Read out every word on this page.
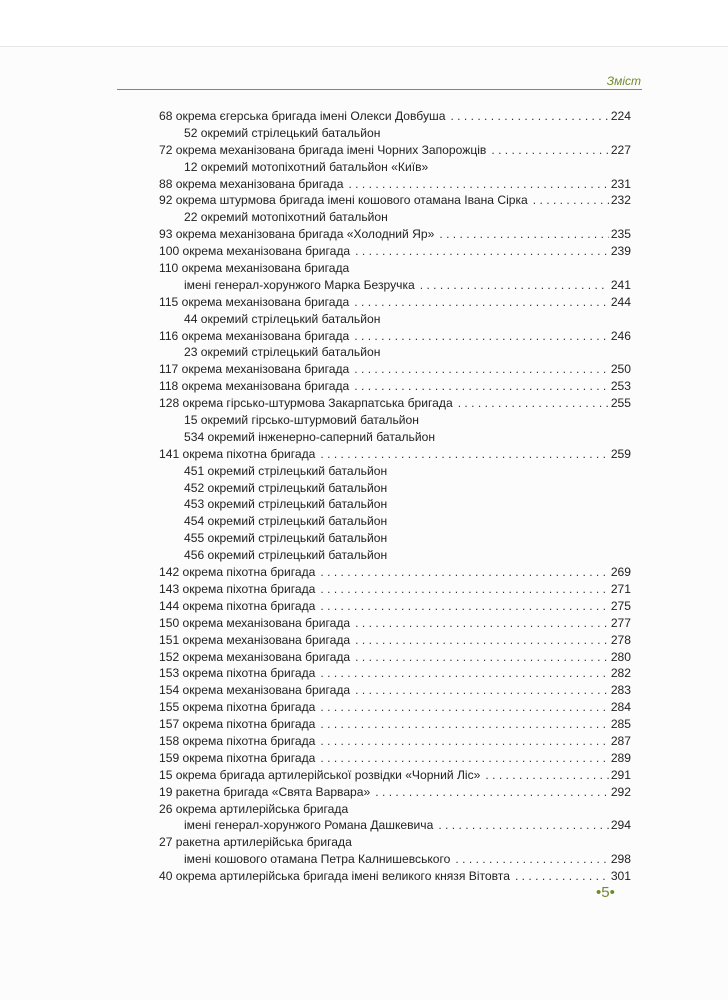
Зміст
68 окрема єгерська бригада імені Олекси Довбуша . . .	224
52 окремий стрілецький батальйон
72 окрема механізована бригада імені Чорних Запорожців . . .	227
12 окремий мотопіхотний батальйон «Київ»
88 окрема механізована бригада . . .	231
92 окрема штурмова бригада імені кошового отамана Івана Сірка . . .	232
22 окремий мотопіхотний батальйон
93 окрема механізована бригада «Холодний Яр» . . .	235
100 окрема механізована бригада . . .	239
110 окрема механізована бригада
імені генерал-хорунжого Марка Безручка . . .	241
115 окрема механізована бригада . . .	244
44 окремий стрілецький батальйон
116 окрема механізована бригада . . .	246
23 окремий стрілецький батальйон
117 окрема механізована бригада . . .	250
118 окрема механізована бригада . . .	253
128 окрема гірсько-штурмова Закарпатська бригада . . .	255
15 окремий гірсько-штурмовий батальйон
534 окремий інженерно-саперний батальйон
141 окрема піхотна бригада . . .	259
451 окремий стрілецький батальйон
452 окремий стрілецький батальйон
453 окремий стрілецький батальйон
454 окремий стрілецький батальйон
455 окремий стрілецький батальйон
456 окремий стрілецький батальйон
142 окрема піхотна бригада . . .	269
143 окрема піхотна бригада . . .	271
144 окрема піхотна бригада . . .	275
150 окрема механізована бригада . . .	277
151 окрема механізована бригада . . .	278
152 окрема механізована бригада . . .	280
153 окрема піхотна бригада . . .	282
154 окрема механізована бригада . . .	283
155 окрема піхотна бригада . . .	284
157 окрема піхотна бригада . . .	285
158 окрема піхотна бригада . . .	287
159 окрема піхотна бригада . . .	289
15 окрема бригада артилерійської розвідки «Чорний Ліс» . . .	291
19 ракетна бригада «Свята Варвара» . . .	292
26 окрема артилерійська бригада
імені генерал-хорунжого Романа Дашкевича . . .	294
27 ракетна артилерійська бригада
імені кошового отамана Петра Калнишевського . . .	298
40 окрема артилерійська бригада імені великого князя Вітовта . . .	301
•5•
